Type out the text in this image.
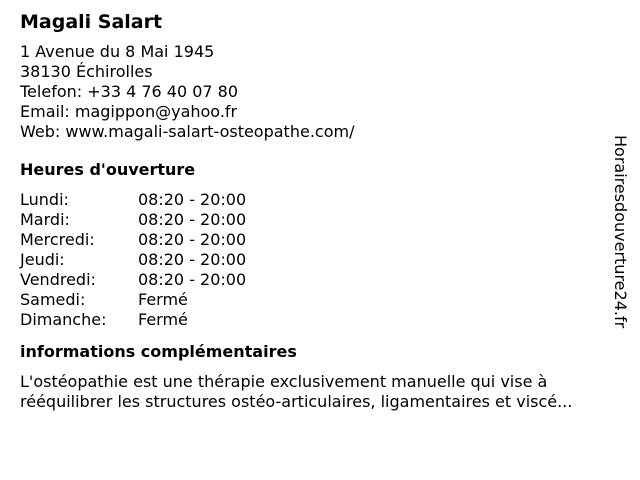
Magali Salart
1 Avenue du 8 Mai 1945
38130 Échirolles
Telefon: +33 4 76 40 07 80
Email: magippon@yahoo.fr
Web: www.magali-salart-osteopathe.com/
Heures d'ouverture
Lundi:	08:20 - 20:00
Mardi:	08:20 - 20:00
Mercredi:	08:20 - 20:00
Jeudi:	08:20 - 20:00
Vendredi:	08:20 - 20:00
Samedi:	Fermé
Dimanche:	Fermé
informations complémentaires
L'ostéopathie est une thérapie exclusivement manuelle qui vise à
rééquilibrer les structures ostéo-articulaires, ligamentaires et viscé...
Horairesdouverture24.fr
